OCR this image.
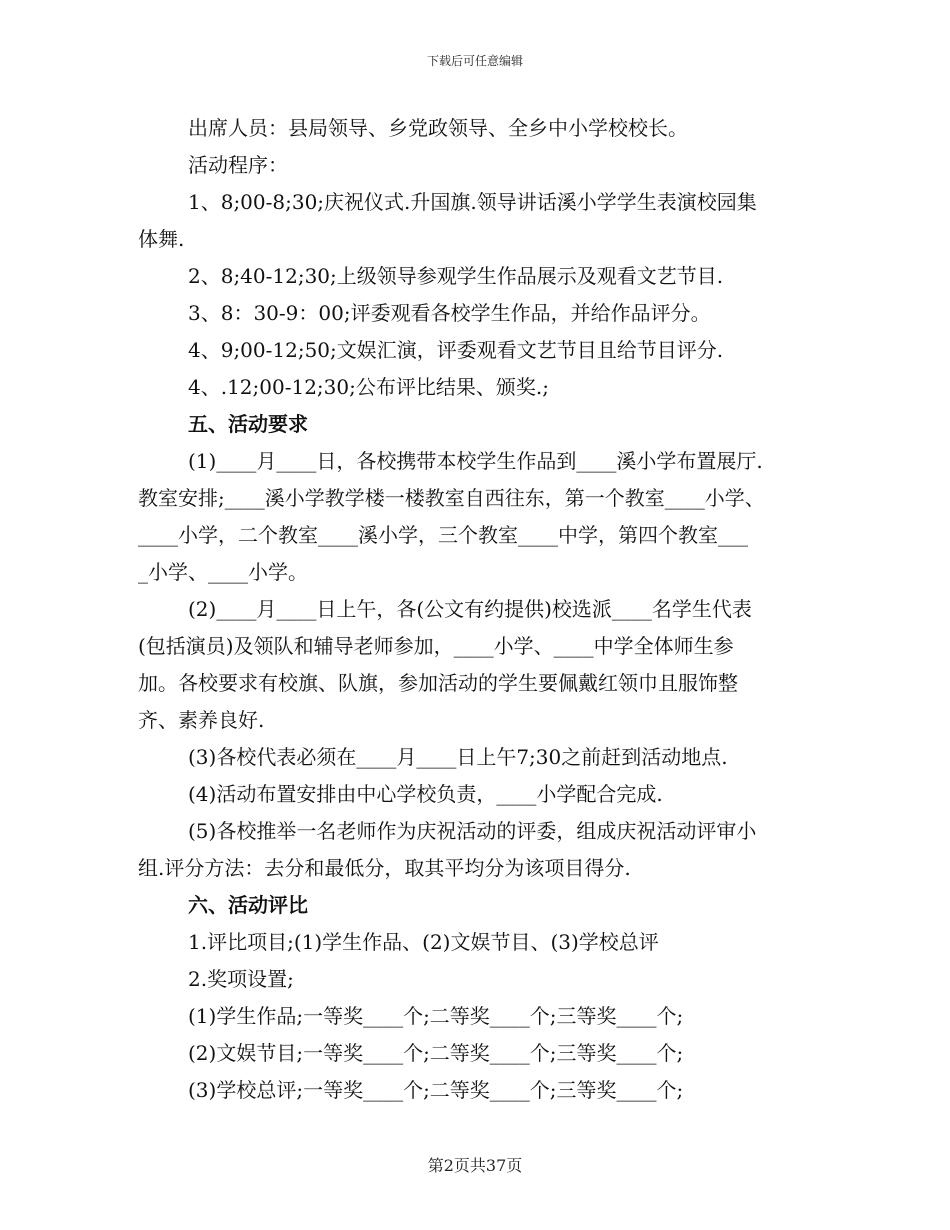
下载后可任意编辑

出席人员：县局领导、乡党政领导、全乡中小学校校长。

活动程序：

1、8;00-8;30;庆祝仪式.升国旗.领导讲话溪小学学生表演校园集

体舞.

2、8;40-12;30;上级领导参观学生作品展示及观看文艺节目.

3、8：30-9：00;评委观看各校学生作品，并给作品评分。

4、9;00-12;50;文娱汇演，评委观看文艺节目且给节目评分.

4、.12;00-12;30;公布评比结果、颁奖.;

五、活动要求

(1)____月____日，各校携带本校学生作品到____溪小学布置展厅.

教室安排;____溪小学教学楼一楼教室自西往东，第一个教室____小学、

____小学，二个教室____溪小学，三个教室____中学，第四个教室___

_小学、____小学。

(2)____月____日上午，各(公文有约提供)校选派____名学生代表

(包括演员)及领队和辅导老师参加，____小学、____中学全体师生参

加。各校要求有校旗、队旗，参加活动的学生要佩戴红领巾且服饰整

齐、素养良好.

(3)各校代表必须在____月____日上午7;30之前赶到活动地点.

(4)活动布置安排由中心学校负责，____小学配合完成.

(5)各校推举一名老师作为庆祝活动的评委，组成庆祝活动评审小

组.评分方法：去分和最低分，取其平均分为该项目得分.

六、活动评比

1.评比项目;(1)学生作品、(2)文娱节目、(3)学校总评

2.奖项设置;

(1)学生作品;一等奖____个;二等奖____个;三等奖____个;

(2)文娱节目;一等奖____个;二等奖____个;三等奖____个;

(3)学校总评;一等奖____个;二等奖____个;三等奖____个;

第2页共37页
